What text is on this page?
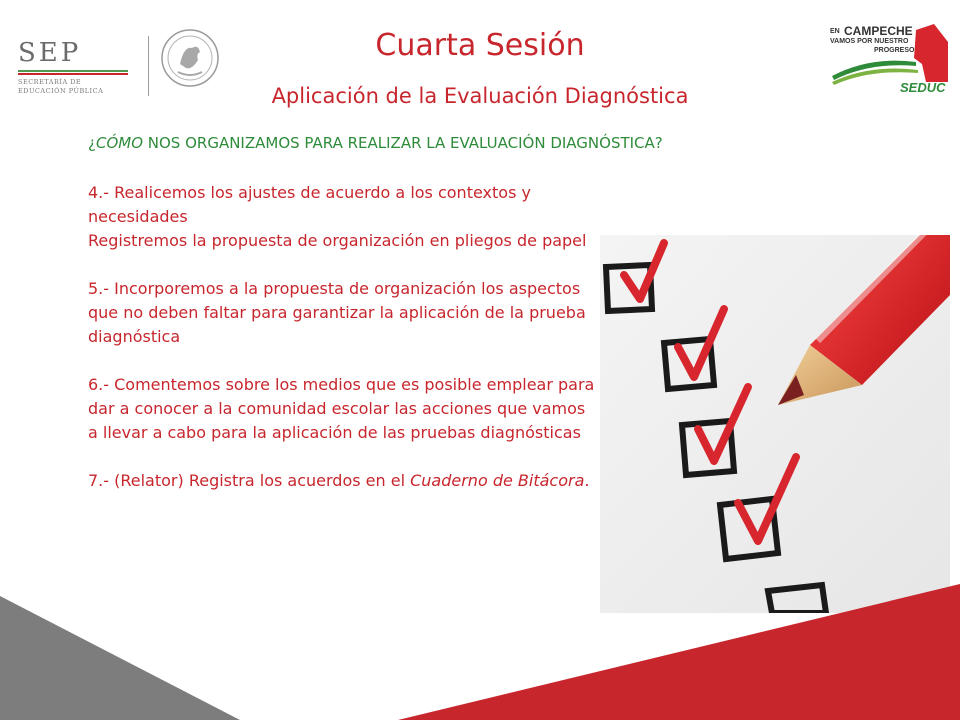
SEP
SECRETARÍA DE
EDUCACIÓN PÚBLICA
EN CAMPECHE
VAMOS POR NUESTRO
PROGRESO
SEDUC
Cuarta Sesión
Aplicación de la Evaluación Diagnóstica
¿CÓMO NOS ORGANIZAMOS PARA REALIZAR LA EVALUACIÓN DIAGNÓSTICA?

4.- Realicemos los ajustes de acuerdo a los contextos y necesidades

Registremos la propuesta de organización en pliegos de papel

5.- Incorporemos a la propuesta de organización los aspectos que no deben faltar para garantizar la aplicación de la prueba diagnóstica

6.- Comentemos sobre los medios que es posible emplear para dar a conocer a la comunidad escolar las acciones que vamos a llevar a cabo para la aplicación de las pruebas diagnósticas

7.- (Relator) Registra los acuerdos en el Cuaderno de Bitácora.
